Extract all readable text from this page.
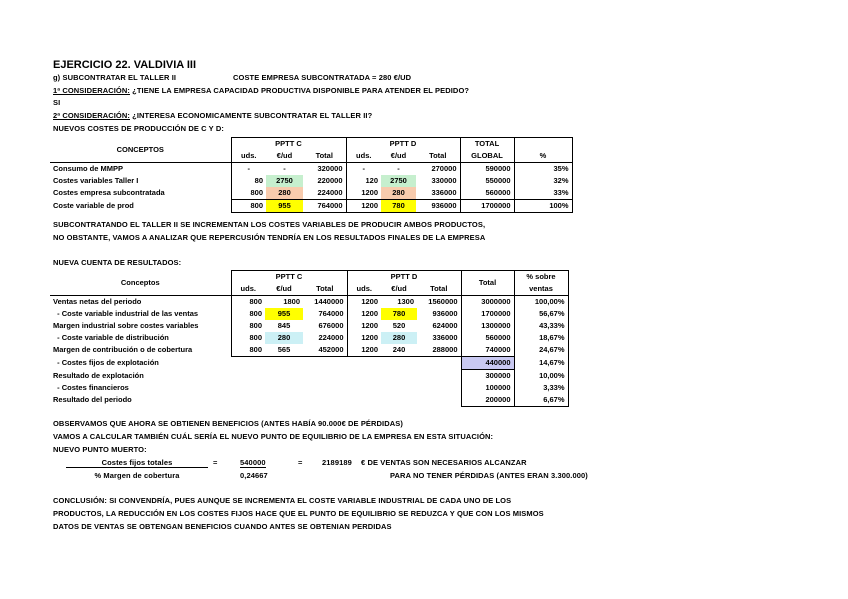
EJERCICIO 22. VALDIVIA III
g) SUBCONTRATAR EL TALLER II	COSTE EMPRESA SUBCONTRATADA = 280 €/UD
1ª CONSIDERACIÓN: ¿TIENE LA EMPRESA CAPACIDAD PRODUCTIVA DISPONIBLE PARA ATENDER EL PEDIDO?
SI
2ª CONSIDERACIÓN: ¿INTERESA ECONOMICAMENTE SUBCONTRATAR EL TALLER II?
NUEVOS COSTES DE PRODUCCIÓN DE C Y D:
CONCEPTOS	PPTT C			PPTT D			TOTAL	
	uds.	€/ud	Total	uds.	€/ud	Total	GLOBAL	%
Consumo de MMPP	-	-	320000	-	-	270000	590000	35%
Costes variables Taller I	80	2750	220000	120	2750	330000	550000	32%
Costes empresa subcontratada	800	280	224000	1200	280	336000	560000	33%
Coste variable de prod	800	955	764000	1200	780	936000	1700000	100%
SUBCONTRATANDO EL TALLER II SE INCREMENTAN LOS COSTES VARIABLES DE PRODUCIR AMBOS PRODUCTOS,
NO OBSTANTE, VAMOS A ANALIZAR QUE REPERCUSIÓN TENDRÍA EN LOS RESULTADOS FINALES DE LA EMPRESA
NUEVA CUENTA DE RESULTADOS:
Conceptos	PPTT C			PPTT D			Total	% sobre
	uds.	€/ud	Total	uds.	€/ud	Total		ventas
Ventas netas del periodo	800	1800	1440000	1200	1300	1560000	3000000	100,00%
- Coste variable industrial de las ventas	800	955	764000	1200	780	936000	1700000	56,67%
Margen industrial sobre costes variables	800	845	676000	1200	520	624000	1300000	43,33%
- Coste variable de distribución	800	280	224000	1200	280	336000	560000	18,67%
Margen de contribución o de cobertura	800	565	452000	1200	240	288000	740000	24,67%
- Costes fijos de explotación							440000	14,67%
Resultado de explotación							300000	10,00%
- Costes financieros							100000	3,33%
Resultado del periodo							200000	6,67%
OBSERVAMOS QUE AHORA SE OBTIENEN BENEFICIOS (ANTES HABÍA 90.000€ DE PÉRDIDAS)
VAMOS A CALCULAR TAMBIÉN CUÁL SERÍA EL NUEVO PUNTO DE EQUILIBRIO DE LA EMPRESA EN ESTA SITUACIÓN:
NUEVO PUNTO MUERTO:
Costes fijos totales	=	540000	=	2189189 € DE VENTAS SON NECESARIOS ALCANZAR
% Margen de cobertura	0,24667	PARA NO TENER PÉRDIDAS (ANTES ERAN 3.300.000)
CONCLUSIÓN: SI CONVENDRÍA, PUES AUNQUE SE INCREMENTA EL COSTE VARIABLE INDUSTRIAL DE CADA UNO DE LOS
PRODUCTOS, LA REDUCCIÓN EN LOS COSTES FIJOS HACE QUE EL PUNTO DE EQUILIBRIO SE REDUZCA Y QUE CON LOS MISMOS
DATOS DE VENTAS SE OBTENGAN BENEFICIOS CUANDO ANTES SE OBTENIAN PERDIDAS
